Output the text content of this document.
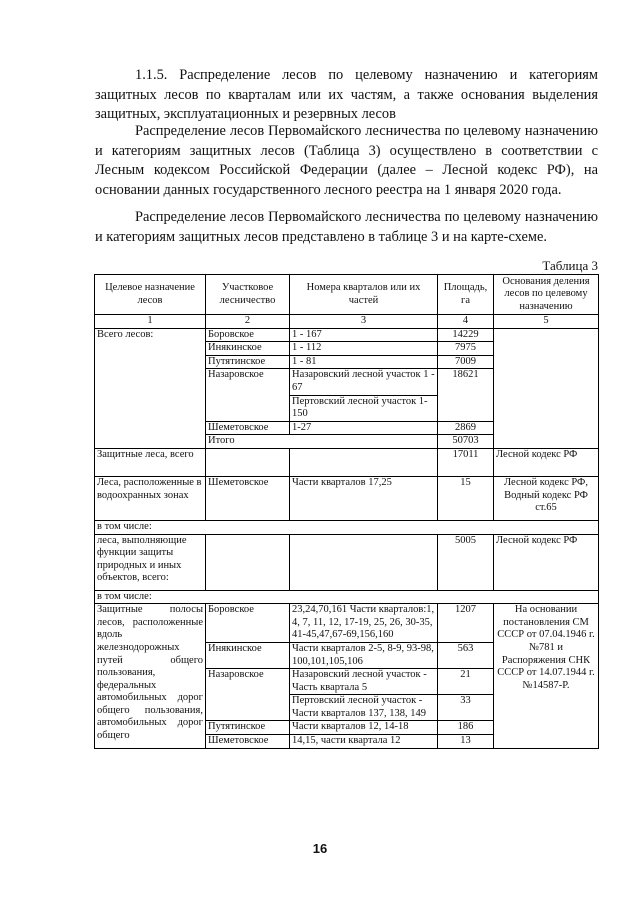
1.1.5. Распределение лесов по целевому назначению и категориям защитных лесов по кварталам или их частям, а также основания выделения защитных, эксплуатационных и резервных лесов

Распределение лесов Первомайского лесничества по целевому назначению и категориям защитных лесов (Таблица 3) осуществлено в соответствии с Лесным кодексом Российской Федерации (далее – Лесной кодекс РФ), на основании данных государственного лесного реестра на 1 января 2020 года.

Распределение лесов Первомайского лесничества по целевому назначению и категориям защитных лесов представлено в таблице 3 и на карте-схеме.

Таблица 3
Целевое назначение лесов	Участковое лесничество	Номера кварталов или их частей	Площадь, га	Основания деления лесов по целевому назначению
1	2	3	4	5
Всего лесов:	Боровское	1 - 167	14229	
	Инякинское	1 - 112	7975	
	Путятинское	1 - 81	7009	
	Назаровское	Назаровский лесной участок 1 - 67	18621	
		Пертовский лесной участок 1-150		
	Шеметовское	1-27	2869	
	Итого		50703	
Защитные леса, всего			17011	Лесной кодекс РФ
Леса, расположенные в водоохранных зонах	Шеметовское	Части кварталов 17,25	15	Лесной кодекс РФ, Водный кодекс РФ ст.65
в том числе:				
леса, выполняющие функции защиты природных и иных объектов, всего:			5005	Лесной кодекс РФ
в том числе:				
Защитные полосы лесов, расположенные вдоль железнодорожных путей общего пользования, федеральных автомобильных дорог общего пользования, автомобильных дорог общего	Боровское	23,24,70,161 Части кварталов:1, 4, 7, 11, 12, 17-19, 25, 26, 30-35, 41-45,47,67-69,156,160	1207	На основании постановления СМ СССР от 07.04.1946 г. №781 и Распоряжения СНК СССР от 14.07.1944 г. №14587-Р.
	Инякинское	Части кварталов 2-5, 8-9, 93-98, 100,101,105,106	563	
	Назаровское	Назаровский лесной участок - Часть квартала 5	21	
		Пертовский лесной участок - Части кварталов 137, 138, 149	33	
	Путятинское	Части кварталов 12, 14-18	186	
	Шеметовское	14,15, части квартала 12	13	
16
